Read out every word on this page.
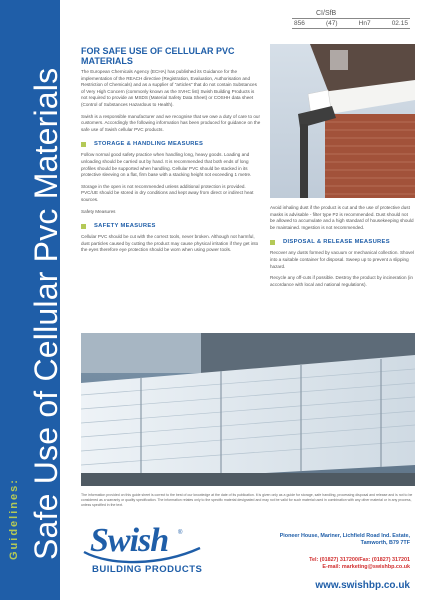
Guidelines: Safe Use of Cellular Pvc Materials
CI/SfB
856	(47)	Hn7	02.15
FOR SAFE USE OF CELLULAR PVC MATERIALS

The European Chemicals Agency (ECHA) has published its Guidance for the implementation of the REACH directive (Registration, Evaluation, Authorisation and Restriction of Chemicals) and as a supplier of "articles" that do not contain Substances of Very High Concern (commonly known as the SVHC list) Swish Building Products is not required to provide an MSDS (Material Safety Data Sheet) or COSHH data sheet (Control of Substances Hazardous to Health).

Swish is a responsible manufacturer and we recognise that we owe a duty of care to our customers. Accordingly the following information has been produced for guidance on the safe use of Swish cellular PVC products.

STORAGE & HANDLING MEASURES

Follow normal good safety practice when handling long, heavy goods. Loading and unloading should be carried out by hand. It is recommended that both ends of long profiles should be supported when handling. Cellular PVC should be stacked in its protective sleeving on a flat, firm base with a stacking height not exceeding 1 metre.

Storage in the open is not recommended unless additional protection is provided. PVC/UE should be stored in dry conditions and kept away from direct or indirect heat sources.

Safety Measures

SAFETY MEASURES

Cellular PVC should be cut with the correct tools, never broken. Although not harmful, dust particles caused by cutting the product may cause physical irritation if they get into the eyes therefore eye protection should be worn when using power tools.

Avoid inhaling dust if the product is cut and the use of protective dust masks is advisable - filter type P2 is recommended. Dust should not be allowed to accumulate and a high standard of housekeeping should be maintained. Ingestion is not recommended.

DISPOSAL & RELEASE MEASURES

Recover any dusts formed by vacuum or mechanical collection. Shovel into a suitable container for disposal. Sweep up to prevent a slipping hazard.

Recycle any off-cuts if possible. Destroy the product by incineration (in accordance with local and national regulations).

The information provided on this guide sheet is correct to the best of our knowledge at the date of its publication. It is given only as a guide for storage, safe handling, processing disposal and release and is not to be considered as a warranty or quality specification. The information relates only to the specific material designated and may not be valid for such material used in combination with any other material or in any process, unless specified in the text.

Swish ®
BUILDING PRODUCTS
Pioneer House, Mariner, Lichfield Road Ind. Estate,
Tamworth, B79 7TF
Tel: (01827) 317200/Fax: (01827) 317201
E-mail: marketing@swishbp.co.uk
www.swishbp.co.uk
